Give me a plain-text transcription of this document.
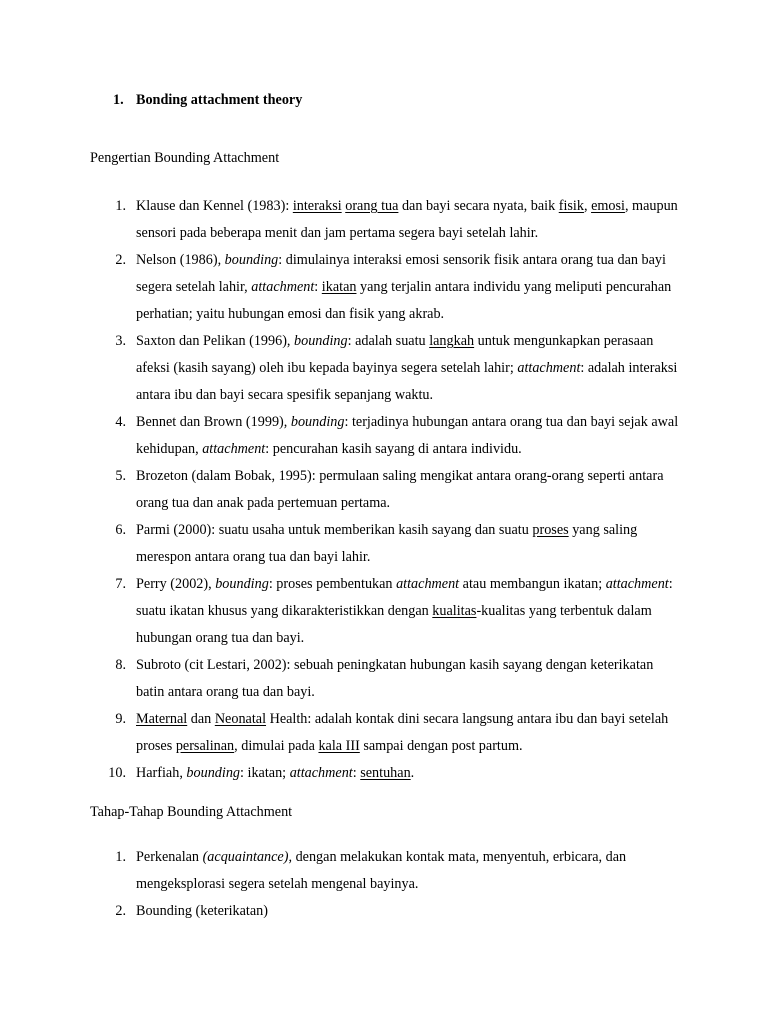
1. Bonding attachment theory

Pengertian Bounding Attachment

1. Klause dan Kennel (1983): interaksi orang tua dan bayi secara nyata, baik fisik, emosi, maupun sensori pada beberapa menit dan jam pertama segera bayi setelah lahir.
2. Nelson (1986), bounding: dimulainya interaksi emosi sensorik fisik antara orang tua dan bayi segera setelah lahir, attachment: ikatan yang terjalin antara individu yang meliputi pencurahan perhatian; yaitu hubungan emosi dan fisik yang akrab.
3. Saxton dan Pelikan (1996), bounding: adalah suatu langkah untuk mengunkapkan perasaan afeksi (kasih sayang) oleh ibu kepada bayinya segera setelah lahir; attachment: adalah interaksi antara ibu dan bayi secara spesifik sepanjang waktu.
4. Bennet dan Brown (1999), bounding: terjadinya hubungan antara orang tua dan bayi sejak awal kehidupan, attachment: pencurahan kasih sayang di antara individu.
5. Brozeton (dalam Bobak, 1995): permulaan saling mengikat antara orang-orang seperti antara orang tua dan anak pada pertemuan pertama.
6. Parmi (2000): suatu usaha untuk memberikan kasih sayang dan suatu proses yang saling merespon antara orang tua dan bayi lahir.
7. Perry (2002), bounding: proses pembentukan attachment atau membangun ikatan; attachment: suatu ikatan khusus yang dikarakteristikkan dengan kualitas-kualitas yang terbentuk dalam hubungan orang tua dan bayi.
8. Subroto (cit Lestari, 2002): sebuah peningkatan hubungan kasih sayang dengan keterikatan batin antara orang tua dan bayi.
9. Maternal dan Neonatal Health: adalah kontak dini secara langsung antara ibu dan bayi setelah proses persalinan, dimulai pada kala III sampai dengan post partum.
10. Harfiah, bounding: ikatan; attachment: sentuhan.

Tahap-Tahap Bounding Attachment

1. Perkenalan (acquaintance), dengan melakukan kontak mata, menyentuh, erbicara, dan mengeksplorasi segera setelah mengenal bayinya.
2. Bounding (keterikatan)
